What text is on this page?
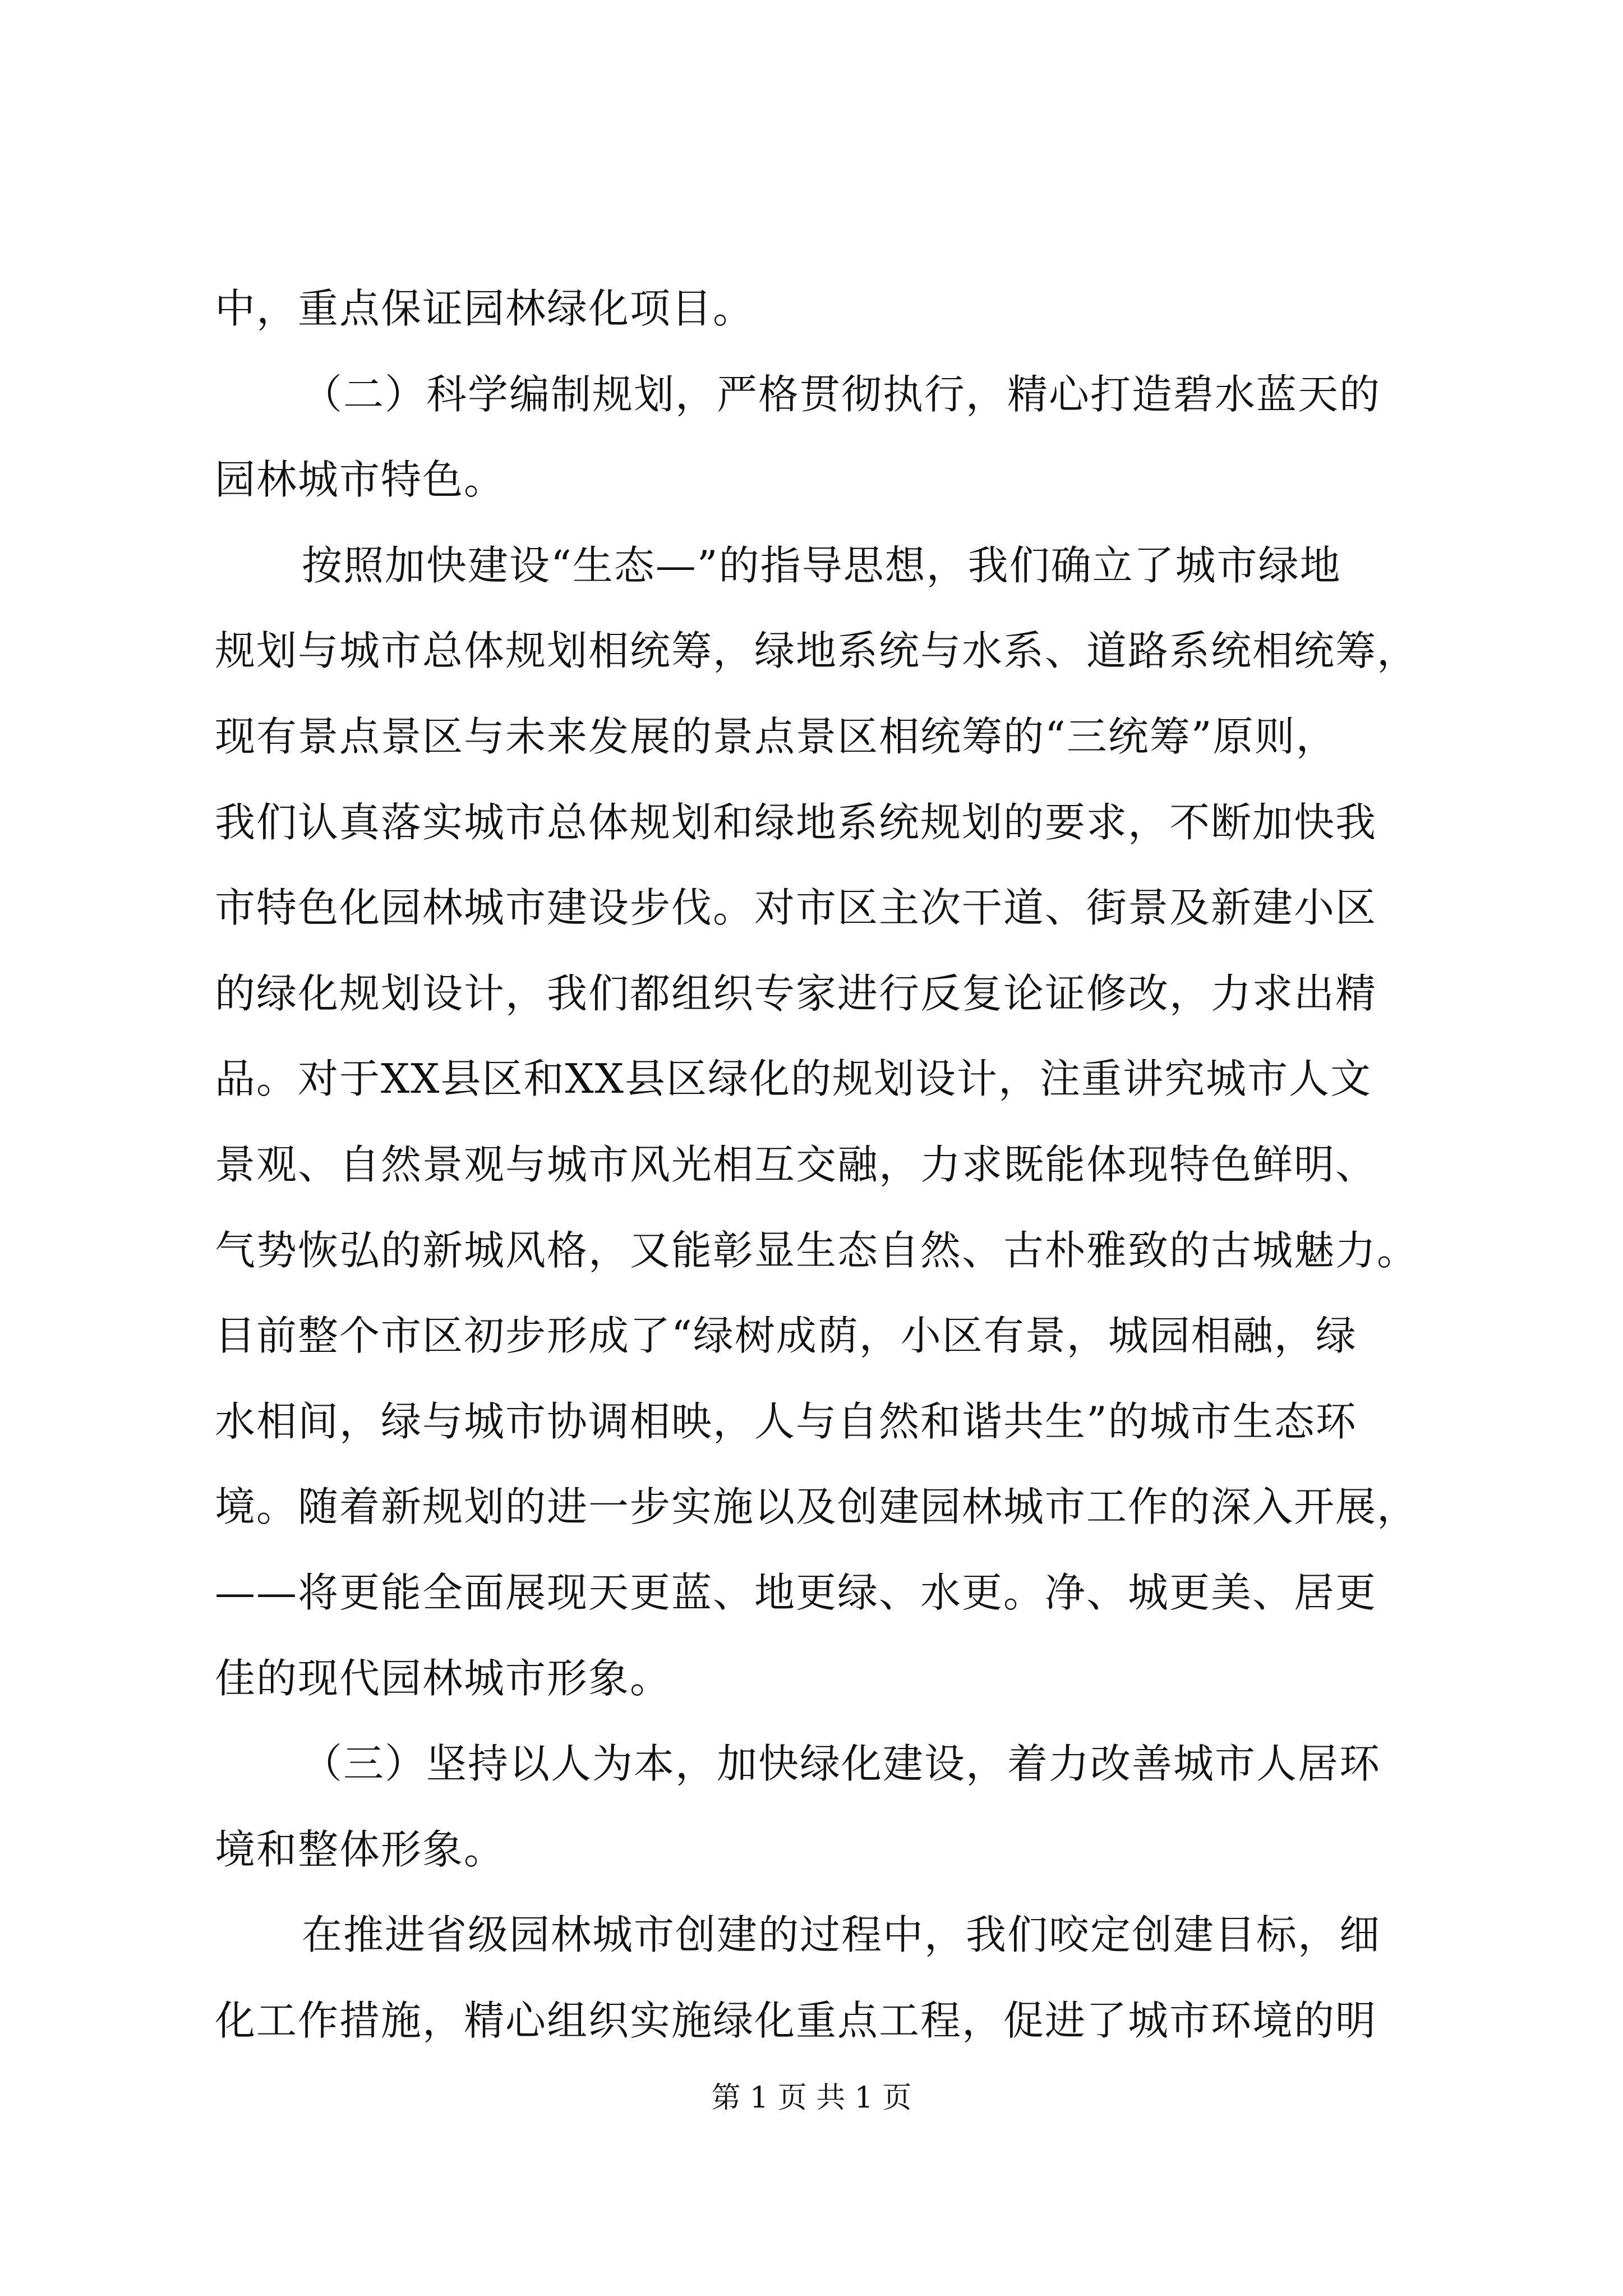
中，重点保证园林绿化项目。
（二）科学编制规划，严格贯彻执行，精心打造碧水蓝天的
园林城市特色。
按照加快建设“生态—”的指导思想，我们确立了城市绿地
规划与城市总体规划相统筹，绿地系统与水系、道路系统相统筹，
现有景点景区与未来发展的景点景区相统筹的“三统筹”原则，
我们认真落实城市总体规划和绿地系统规划的要求，不断加快我
市特色化园林城市建设步伐。对市区主次干道、街景及新建小区
的绿化规划设计，我们都组织专家进行反复论证修改，力求出精
品。对于XX县区和XX县区绿化的规划设计，注重讲究城市人文
景观、自然景观与城市风光相互交融，力求既能体现特色鲜明、
气势恢弘的新城风格，又能彰显生态自然、古朴雅致的古城魅力。
目前整个市区初步形成了“绿树成荫，小区有景，城园相融，绿
水相间，绿与城市协调相映，人与自然和谐共生”的城市生态环
境。随着新规划的进一步实施以及创建园林城市工作的深入开展，
——将更能全面展现天更蓝、地更绿、水更。净、城更美、居更
佳的现代园林城市形象。
（三）坚持以人为本，加快绿化建设，着力改善城市人居环
境和整体形象。
在推进省级园林城市创建的过程中，我们咬定创建目标，细
化工作措施，精心组织实施绿化重点工程，促进了城市环境的明
第 1 页 共 1 页
